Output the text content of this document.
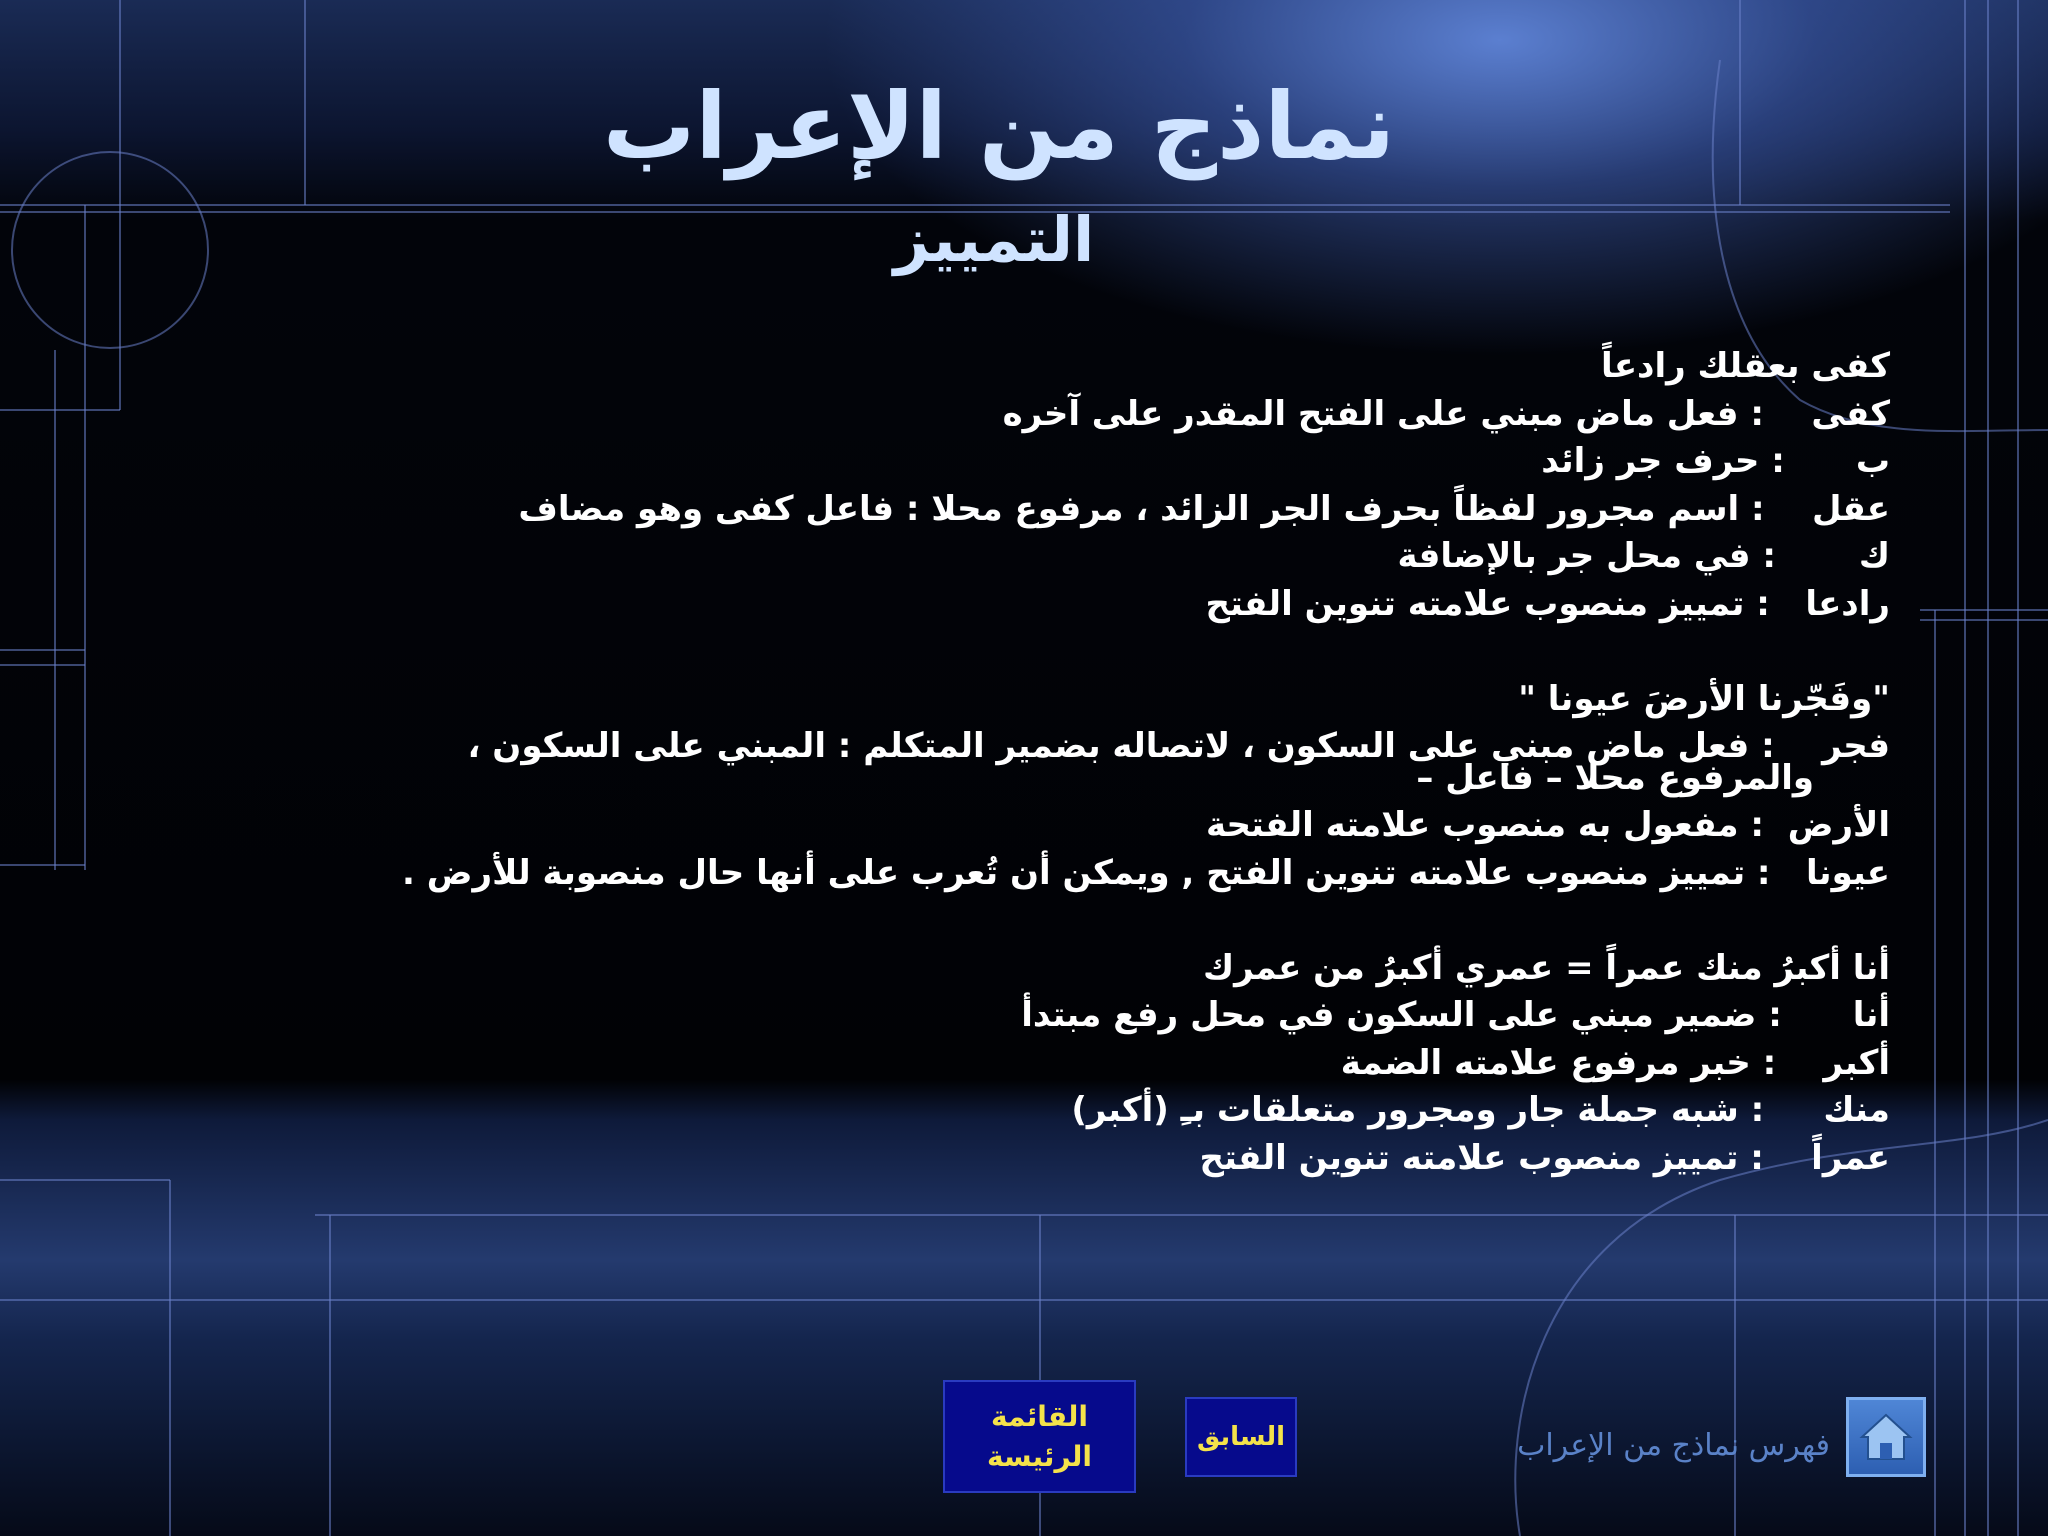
نماذج من الإعراب
التمييز
كفى بعقلك رادعاً
كفى    : فعل ماض مبني على الفتح المقدر على آخره
ب      : حرف جر زائد
عقل    : اسم مجرور لفظاً بحرف الجر الزائد ، مرفوع محلا : فاعل كفى وهو مضاف
ك       : في محل جر بالإضافة
رادعا   : تمييز منصوب علامته تنوين الفتح
"وفَجّرنا الأرضَ عيونا "
فجر    : فعل ماض مبني على السكون ، لاتصاله بضمير المتكلم : المبني على السكون ،
والمرفوع محلا – فاعل –
الأرض  : مفعول به منصوب علامته الفتحة
عيونا   : تمييز منصوب علامته تنوين الفتح , ويمكن أن تُعرب على أنها حال منصوبة للأرض .
أنا أكبرُ منك عمراً = عمري أكبرُ من عمرك
أنا      : ضمير مبني على السكون في محل رفع مبتدأ
أكبر    : خبر مرفوع علامته الضمة
منك     : شبه جملة جار ومجرور متعلقات بـِ (أكبر)
عمراً    : تمييز منصوب علامته تنوين الفتح
القائمة
الرئيسة
السابق	فهرس نماذج من الإعراب
